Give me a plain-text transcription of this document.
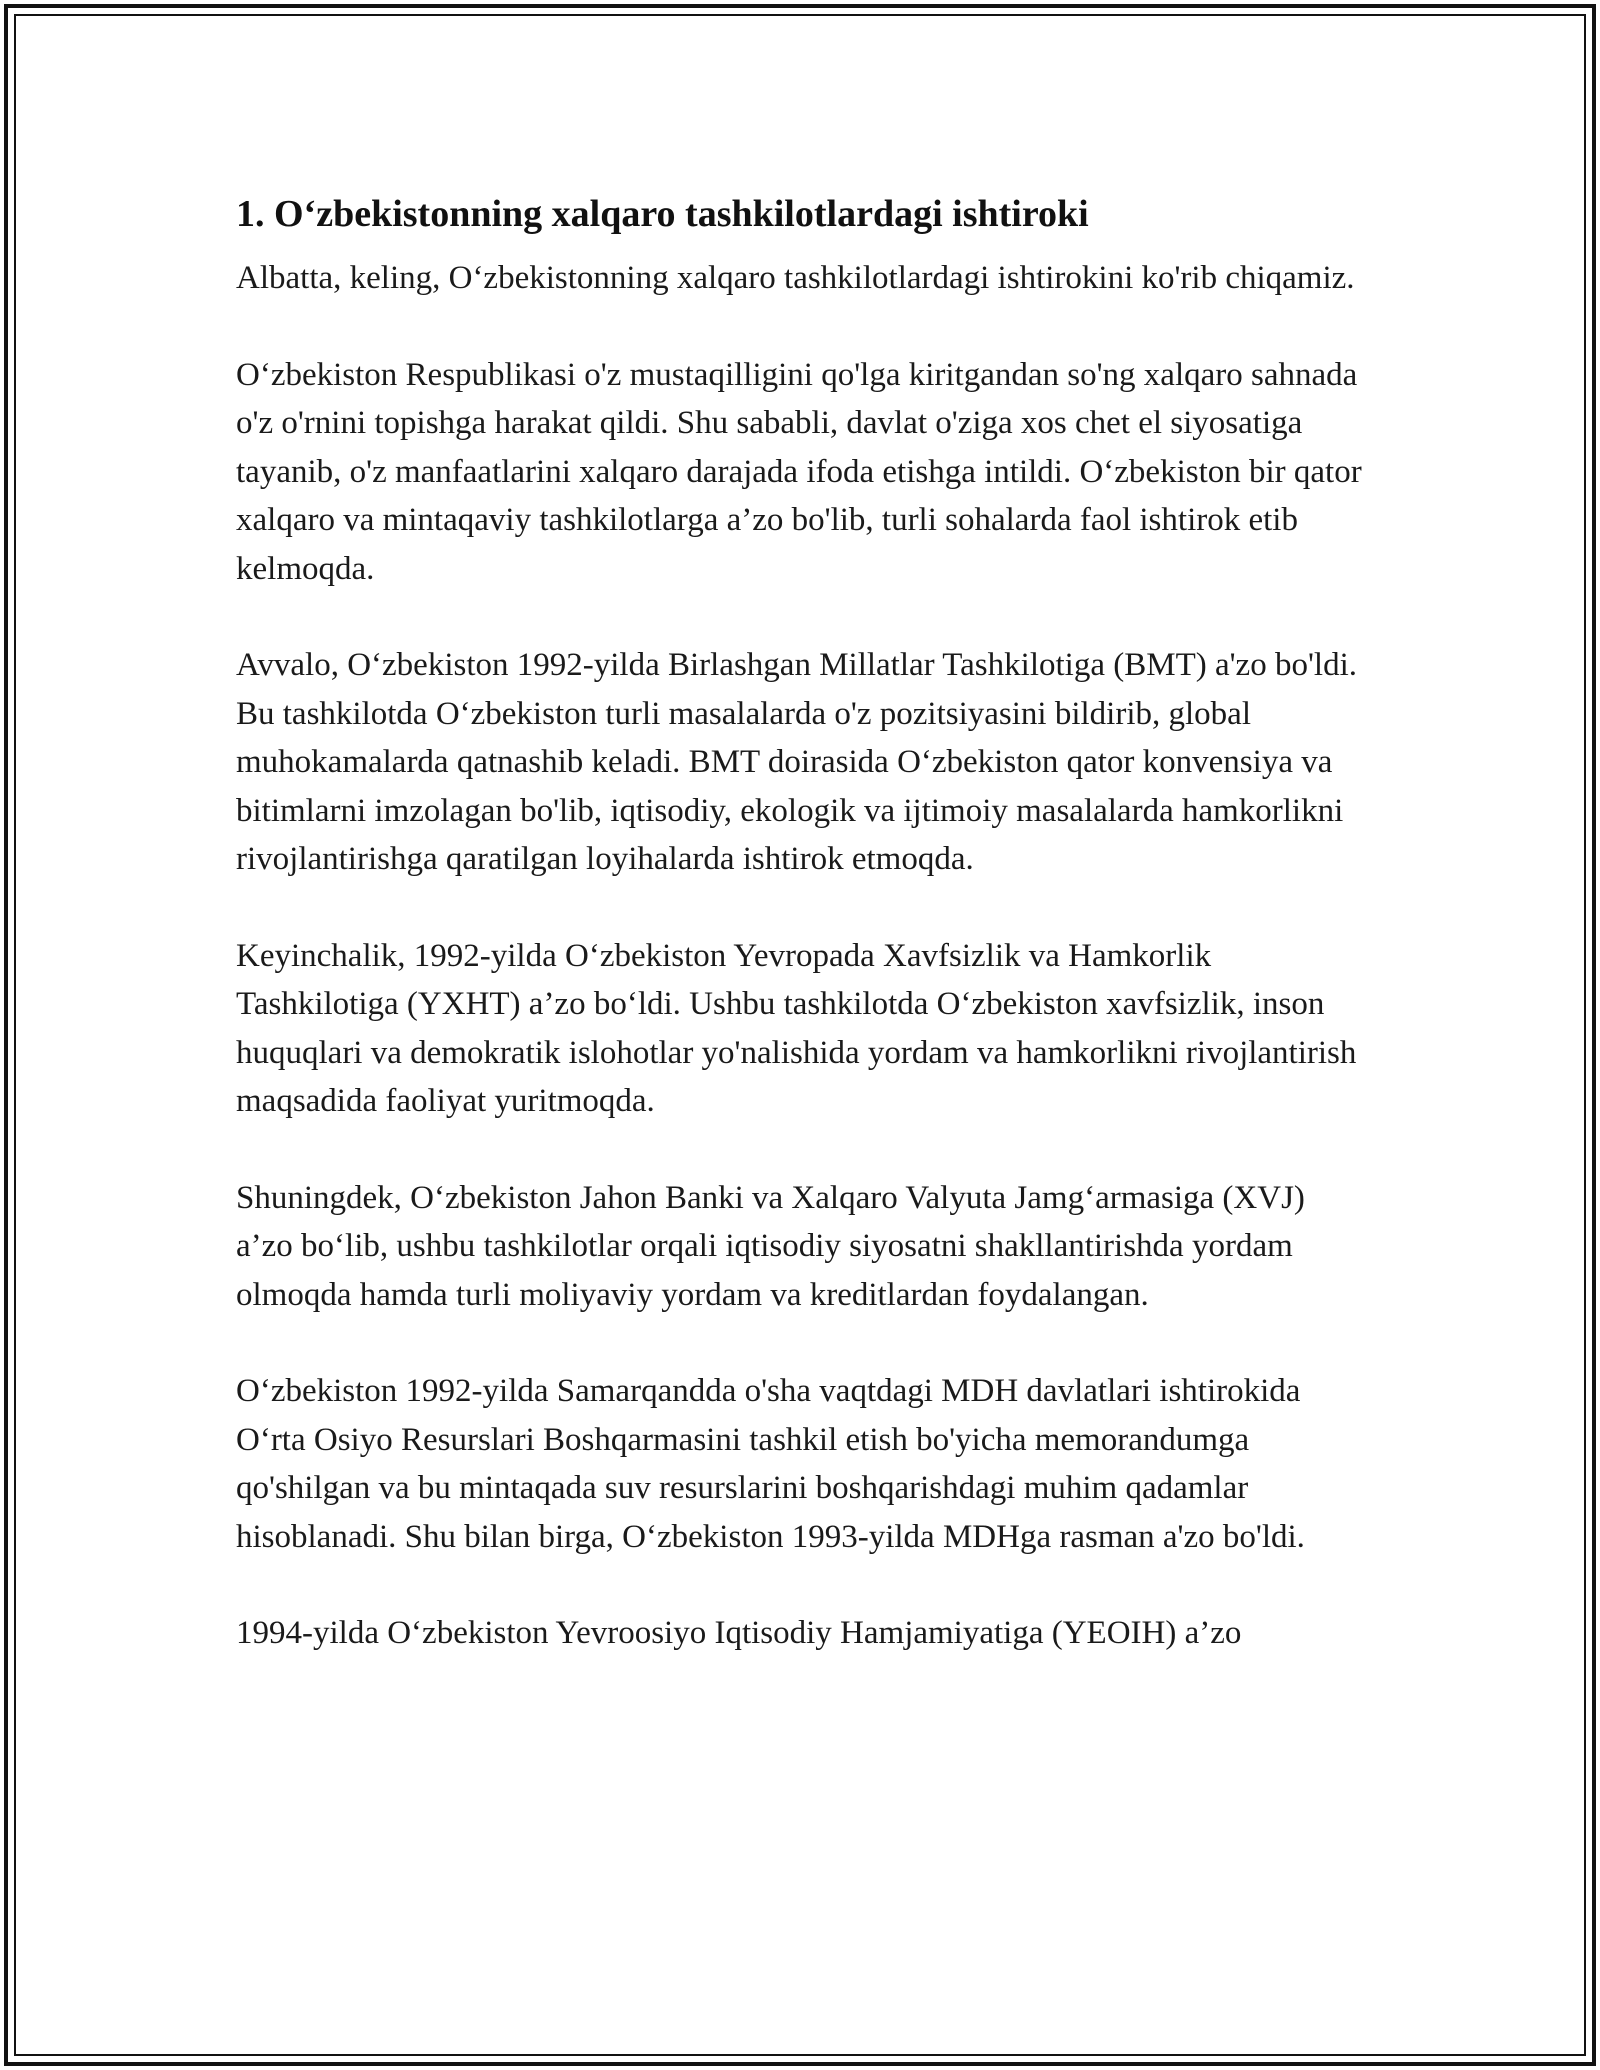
1. O‘zbekistonning xalqaro tashkilotlardagi ishtiroki

Albatta, keling, O‘zbekistonning xalqaro tashkilotlardagi ishtirokini ko'rib chiqamiz.

O‘zbekiston Respublikasi o'z mustaqilligini qo'lga kiritgandan so'ng xalqaro sahnada o'z o'rnini topishga harakat qildi. Shu sababli, davlat o'ziga xos chet el siyosatiga tayanib, o'z manfaatlarini xalqaro darajada ifoda etishga intildi. O‘zbekiston bir qator xalqaro va mintaqaviy tashkilotlarga a’zo bo'lib, turli sohalarda faol ishtirok etib kelmoqda.

Avvalo, O‘zbekiston 1992-yilda Birlashgan Millatlar Tashkilotiga (BMT) a'zo bo'ldi. Bu tashkilotda O‘zbekiston turli masalalarda o'z pozitsiyasini bildirib, global muhokamalarda qatnashib keladi. BMT doirasida O‘zbekiston qator konvensiya va bitimlarni imzolagan bo'lib, iqtisodiy, ekologik va ijtimoiy masalalarda hamkorlikni rivojlantirishga qaratilgan loyihalarda ishtirok etmoqda.

Keyinchalik, 1992-yilda O‘zbekiston Yevropada Xavfsizlik va Hamkorlik Tashkilotiga (YXHT) a’zo bo‘ldi. Ushbu tashkilotda O‘zbekiston xavfsizlik, inson huquqlari va demokratik islohotlar yo'nalishida yordam va hamkorlikni rivojlantirish maqsadida faoliyat yuritmoqda.

Shuningdek, O‘zbekiston Jahon Banki va Xalqaro Valyuta Jamg‘armasiga (XVJ) a’zo bo‘lib, ushbu tashkilotlar orqali iqtisodiy siyosatni shakllantirishda yordam olmoqda hamda turli moliyaviy yordam va kreditlardan foydalangan.

O‘zbekiston 1992-yilda Samarqandda o'sha vaqtdagi MDH davlatlari ishtirokida O‘rta Osiyo Resurslari Boshqarmasini tashkil etish bo'yicha memorandumga qo'shilgan va bu mintaqada suv resurslarini boshqarishdagi muhim qadamlar hisoblanadi. Shu bilan birga, O‘zbekiston 1993-yilda MDHga rasman a'zo bo'ldi.

1994-yilda O‘zbekiston Yevroosiyo Iqtisodiy Hamjamiyatiga (YEOIH) a’zo
